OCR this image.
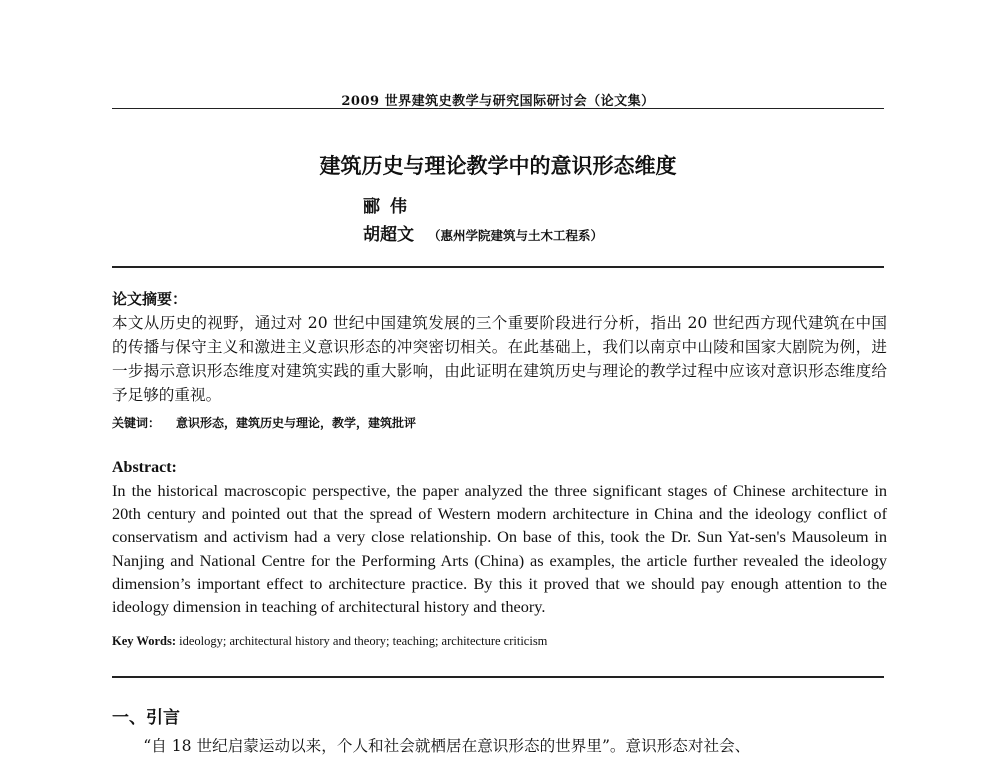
2009 世界建筑史教学与研究国际研讨会（论文集）
建筑历史与理论教学中的意识形态维度
郦伟
胡超文 （惠州学院建筑与土木工程系）
论文摘要：
本文从历史的视野，通过对 20 世纪中国建筑发展的三个重要阶段进行分析，指出 20 世纪西方现代建筑在中国的传播与保守主义和激进主义意识形态的冲突密切相关。在此基础上，我们以南京中山陵和国家大剧院为例，进一步揭示意识形态维度对建筑实践的重大影响，由此证明在建筑历史与理论的教学过程中应该对意识形态维度给予足够的重视。
关键词： 意识形态，建筑历史与理论，教学，建筑批评
Abstract:
In the historical macroscopic perspective, the paper analyzed the three significant stages of Chinese architecture in 20th century and pointed out that the spread of Western modern architecture in China and the ideology conflict of conservatism and activism had a very close relationship. On base of this, took the Dr. Sun Yat-sen's Mausoleum in Nanjing and National Centre for the Performing Arts (China) as examples, the article further revealed the ideology dimension’s important effect to architecture practice. By this it proved that we should pay enough attention to the ideology dimension in teaching of architectural history and theory.
Key Words: ideology; architectural history and theory; teaching; architecture criticism
一、引言
“自 18 世纪启蒙运动以来，个人和社会就栖居在意识形态的世界里”。意识形态对社会、
